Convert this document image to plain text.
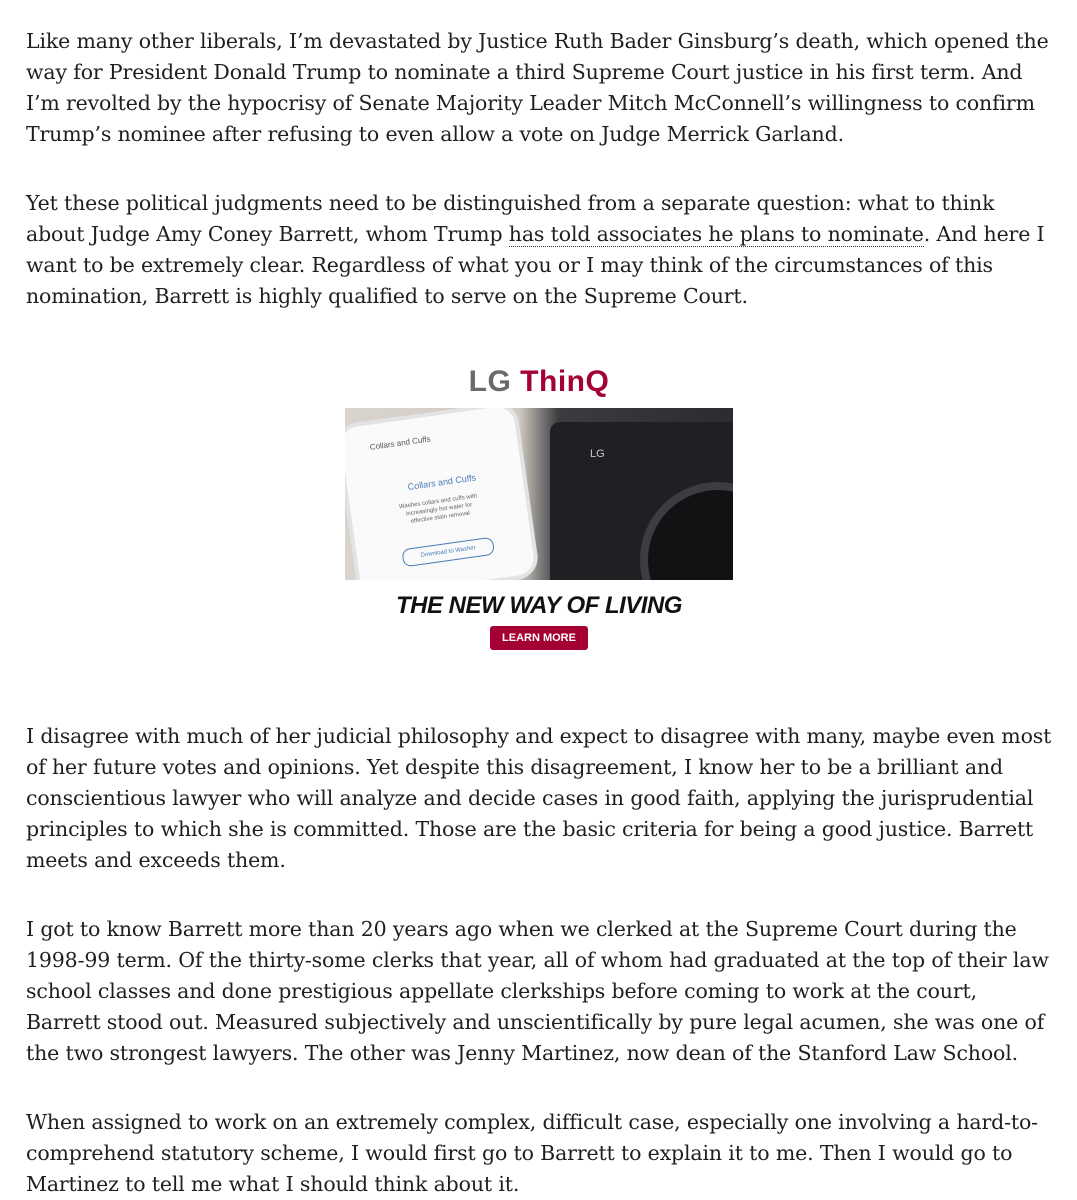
Like many other liberals, I’m devastated by Justice Ruth Bader Ginsburg’s death, which opened the way for President Donald Trump to nominate a third Supreme Court justice in his first term. And I’m revolted by the hypocrisy of Senate Majority Leader Mitch McConnell’s willingness to confirm Trump’s nominee after refusing to even allow a vote on Judge Merrick Garland.

Yet these political judgments need to be distinguished from a separate question: what to think about Judge Amy Coney Barrett, whom Trump has told associates he plans to nominate. And here I want to be extremely clear. Regardless of what you or I may think of the circumstances of this nomination, Barrett is highly qualified to serve on the Supreme Court.

I disagree with much of her judicial philosophy and expect to disagree with many, maybe even most of her future votes and opinions. Yet despite this disagreement, I know her to be a brilliant and conscientious lawyer who will analyze and decide cases in good faith, applying the jurisprudential principles to which she is committed. Those are the basic criteria for being a good justice. Barrett meets and exceeds them.

I got to know Barrett more than 20 years ago when we clerked at the Supreme Court during the 1998-99 term. Of the thirty-some clerks that year, all of whom had graduated at the top of their law school classes and done prestigious appellate clerkships before coming to work at the court, Barrett stood out. Measured subjectively and unscientifically by pure legal acumen, she was one of the two strongest lawyers. The other was Jenny Martinez, now dean of the Stanford Law School.

When assigned to work on an extremely complex, difficult case, especially one involving a hard-to-comprehend statutory scheme, I would first go to Barrett to explain it to me. Then I would go to Martinez to tell me what I should think about it.

LG ThinQ
Collars and Cuffs
Collars and Cuffs
Washes collars and cuffs with increasingly hot water for effective stain removal
Download to Washer
LG
THE NEW WAY OF LIVING
LEARN MORE
